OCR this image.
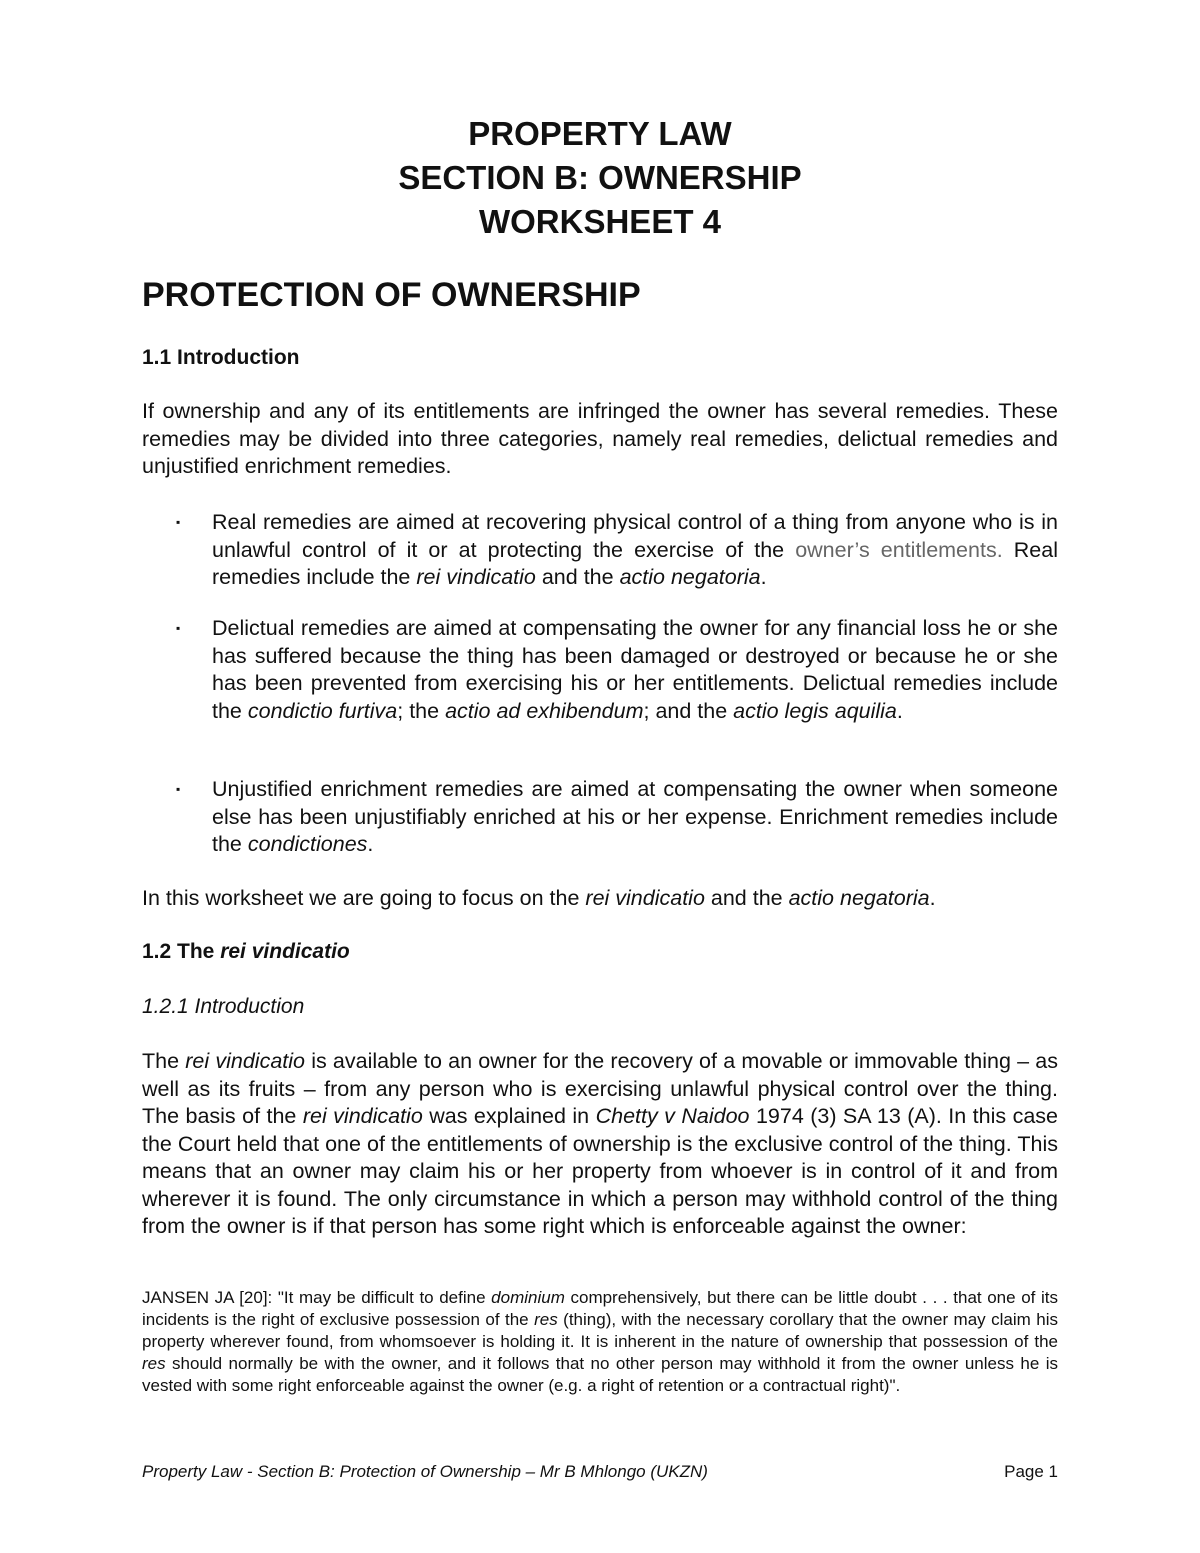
PROPERTY LAW
SECTION B: OWNERSHIP
WORKSHEET 4
PROTECTION OF OWNERSHIP
1.1 Introduction
If ownership and any of its entitlements are infringed the owner has several remedies. These remedies may be divided into three categories, namely real remedies, delictual remedies and unjustified enrichment remedies.
▪ Real remedies are aimed at recovering physical control of a thing from anyone who is in unlawful control of it or at protecting the exercise of the owner’s entitlements. Real remedies include the rei vindicatio and the actio negatoria.
▪ Delictual remedies are aimed at compensating the owner for any financial loss he or she has suffered because the thing has been damaged or destroyed or because he or she has been prevented from exercising his or her entitlements. Delictual remedies include the condictio furtiva; the actio ad exhibendum; and the actio legis aquilia.
▪ Unjustified enrichment remedies are aimed at compensating the owner when someone else has been unjustifiably enriched at his or her expense. Enrichment remedies include the condictiones.
In this worksheet we are going to focus on the rei vindicatio and the actio negatoria.
1.2 The rei vindicatio
1.2.1 Introduction
The rei vindicatio is available to an owner for the recovery of a movable or immovable thing – as well as its fruits – from any person who is exercising unlawful physical control over the thing. The basis of the rei vindicatio was explained in Chetty v Naidoo 1974 (3) SA 13 (A). In this case the Court held that one of the entitlements of ownership is the exclusive control of the thing. This means that an owner may claim his or her property from whoever is in control of it and from wherever it is found. The only circumstance in which a person may withhold control of the thing from the owner is if that person has some right which is enforceable against the owner:
JANSEN JA [20]: "It may be difficult to define dominium comprehensively, but there can be little doubt . . . that one of its incidents is the right of exclusive possession of the res (thing), with the necessary corollary that the owner may claim his property wherever found, from whomsoever is holding it. It is inherent in the nature of ownership that possession of the res should normally be with the owner, and it follows that no other person may withhold it from the owner unless he is vested with some right enforceable against the owner (e.g. a right of retention or a contractual right)".
Property Law - Section B: Protection of Ownership – Mr B Mhlongo (UKZN)	Page 1
